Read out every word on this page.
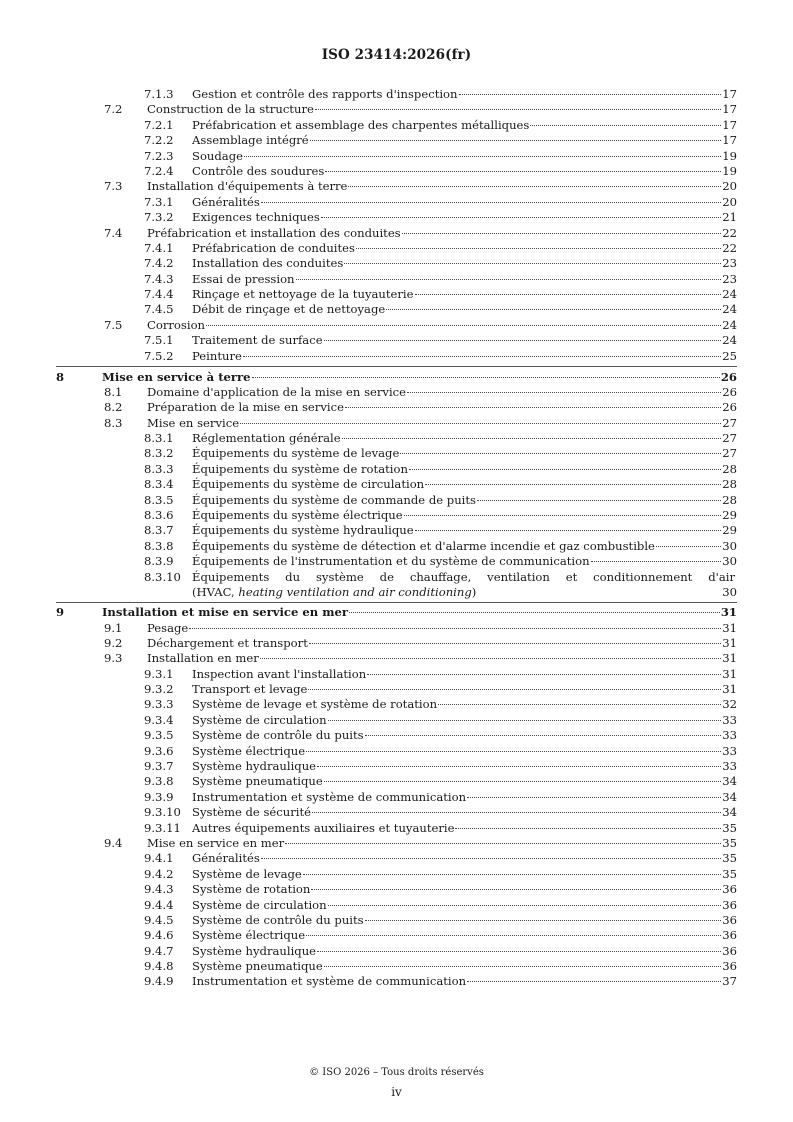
ISO 23414:2026(fr)
7.1.3 Gestion et contrôle des rapports d'inspection	17
7.2 Construction de la structure	17
7.2.1 Préfabrication et assemblage des charpentes métalliques	17
7.2.2 Assemblage intégré	17
7.2.3 Soudage	19
7.2.4 Contrôle des soudures	19
7.3 Installation d'équipements à terre	20
7.3.1 Généralités	20
7.3.2 Exigences techniques	21
7.4 Préfabrication et installation des conduites	22
7.4.1 Préfabrication de conduites	22
7.4.2 Installation des conduites	23
7.4.3 Essai de pression	23
7.4.4 Rinçage et nettoyage de la tuyauterie	24
7.4.5 Débit de rinçage et de nettoyage	24
7.5 Corrosion	24
7.5.1 Traitement de surface	24
7.5.2 Peinture	25
8	Mise en service à terre	26
8.1 Domaine d'application de la mise en service	26
8.2 Préparation de la mise en service	26
8.3 Mise en service	27
8.3.1 Réglementation générale	27
8.3.2 Équipements du système de levage	27
8.3.3 Équipements du système de rotation	28
8.3.4 Équipements du système de circulation	28
8.3.5 Équipements du système de commande de puits	28
8.3.6 Équipements du système électrique	29
8.3.7 Équipements du système hydraulique	29
8.3.8 Équipements du système de détection et d'alarme incendie et gaz combustible	30
8.3.9 Équipements de l'instrumentation et du système de communication	30
8.3.10 Équipements du système de chauffage, ventilation et conditionnement d'air
(HVAC, heating ventilation and air conditioning)	30
9	Installation et mise en service en mer	31
9.1 Pesage	31
9.2 Déchargement et transport	31
9.3 Installation en mer	31
9.3.1 Inspection avant l'installation	31
9.3.2 Transport et levage	31
9.3.3 Système de levage et système de rotation	32
9.3.4 Système de circulation	33
9.3.5 Système de contrôle du puits	33
9.3.6 Système électrique	33
9.3.7 Système hydraulique	33
9.3.8 Système pneumatique	34
9.3.9 Instrumentation et système de communication	34
9.3.10 Système de sécurité	34
9.3.11 Autres équipements auxiliaires et tuyauterie	35
9.4 Mise en service en mer	35
9.4.1 Généralités	35
9.4.2 Système de levage	35
9.4.3 Système de rotation	36
9.4.4 Système de circulation	36
9.4.5 Système de contrôle du puits	36
9.4.6 Système électrique	36
9.4.7 Système hydraulique	36
9.4.8 Système pneumatique	36
9.4.9 Instrumentation et système de communication	37
© ISO 2026 – Tous droits réservés
iv
